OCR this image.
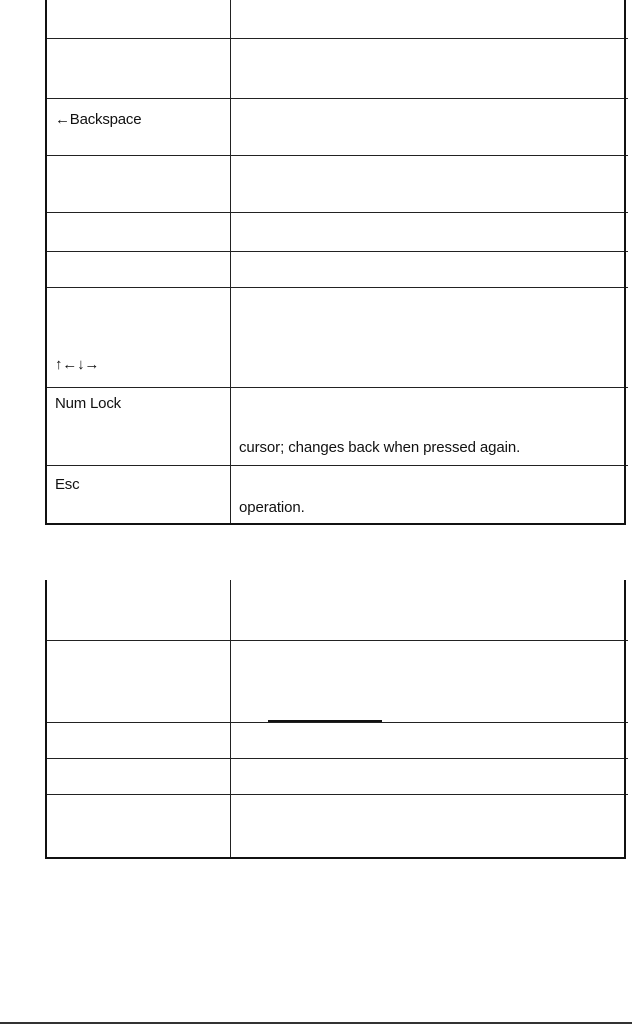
←Backspace
↑←↓→
Num Lock
cursor; changes back when pressed again.
Esc
operation.
